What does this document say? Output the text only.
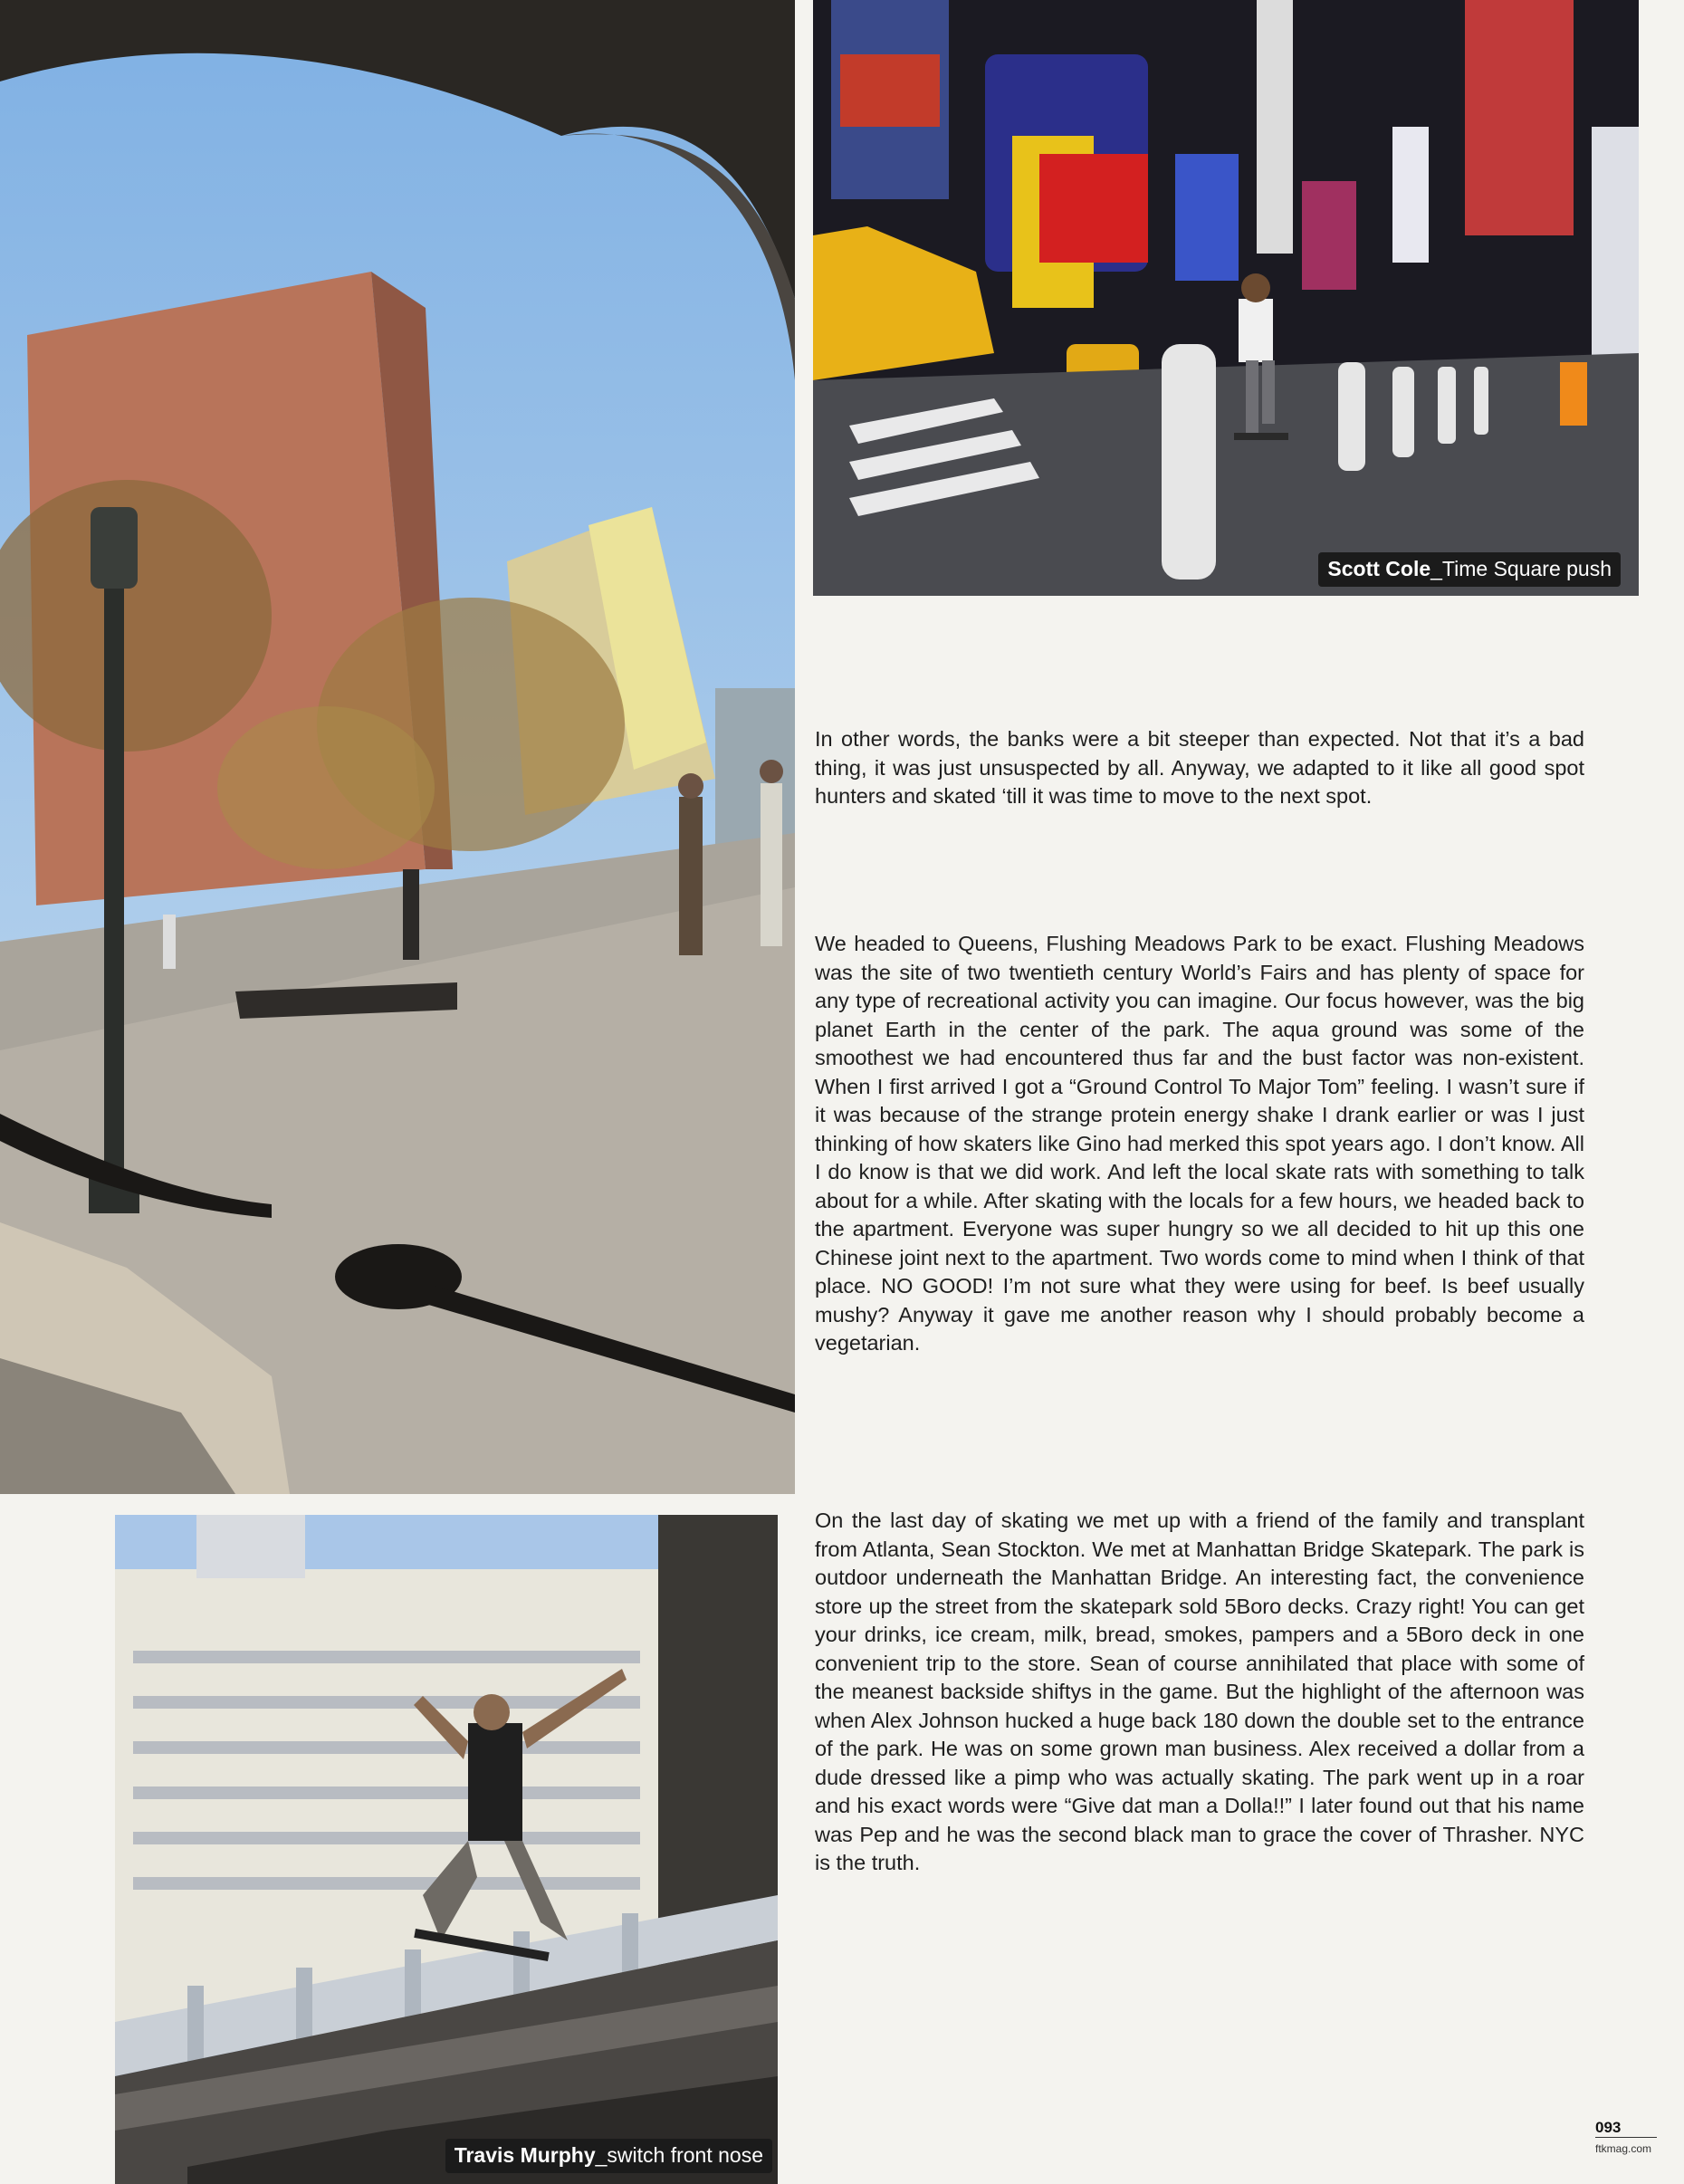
Scott Cole_Time Square push
Travis Murphy_switch front nose

In other words, the banks were a bit steeper than expected. Not that it’s a bad thing, it was just unsuspected by all. Anyway, we adapted to it like all good spot hunters and skated ‘till it was time to move to the next spot.

We headed to Queens, Flushing Meadows Park to be exact. Flushing Meadows was the site of two twentieth century World’s Fairs and has plenty of space for any type of recreational activity you can imagine. Our focus however, was the big planet Earth in the center of the park. The aqua ground was some of the smoothest we had encountered thus far and the bust factor was non-existent. When I first arrived I got a “Ground Control To Major Tom” feeling. I wasn’t sure if it was because of the strange protein energy shake I drank earlier or was I just thinking of how skaters like Gino had merked this spot years ago. I don’t know. All I do know is that we did work. And left the local skate rats with something to talk about for a while. After skating with the locals for a few hours, we headed back to the apartment. Everyone was super hungry so we all decided to hit up this one Chinese joint next to the apartment. Two words come to mind when I think of that place. NO GOOD! I’m not sure what they were using for beef. Is beef usually mushy? Anyway it gave me another reason why I should probably become a vegetarian.

On the last day of skating we met up with a friend of the family and transplant from Atlanta, Sean Stockton. We met at Manhattan Bridge Skatepark. The park is outdoor underneath the Manhattan Bridge. An interesting fact, the convenience store up the street from the skatepark sold 5Boro decks. Crazy right! You can get your drinks, ice cream, milk, bread, smokes, pampers and a 5Boro deck in one convenient trip to the store. Sean of course annihilated that place with some of the meanest backside shiftys in the game. But the highlight of the afternoon was when Alex Johnson hucked a huge back 180 down the double set to the entrance of the park. He was on some grown man business. Alex received a dollar from a dude dressed like a pimp who was actually skating. The park went up in a roar and his exact words were “Give dat man a Dolla!!” I later found out that his name was Pep and he was the second black man to grace the cover of Thrasher. NYC is the truth.

093
ftkmag.com
